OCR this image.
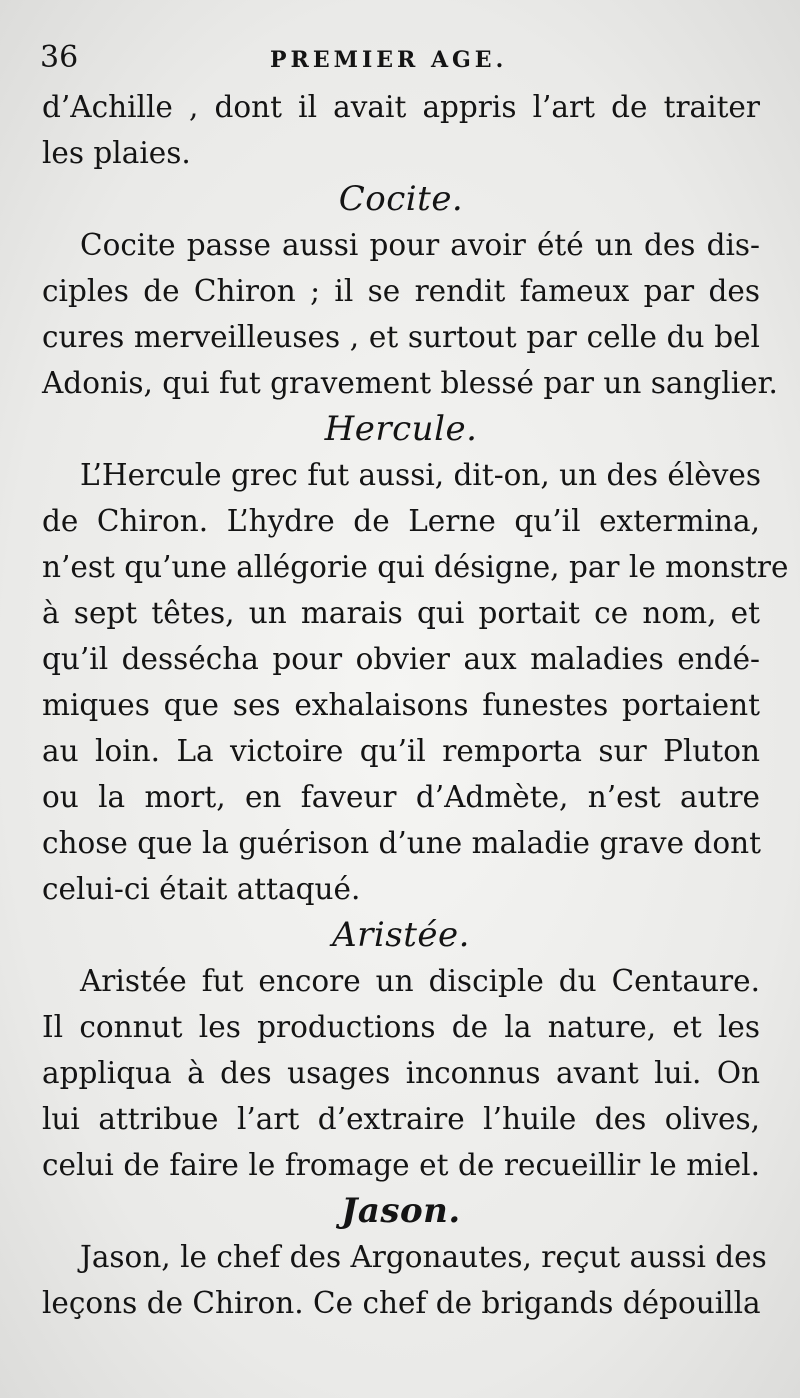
36	PREMIER AGE.
d’Achille , dont il avait appris l’art de traiter
les plaies.
Cocite.
Cocite passe aussi pour avoir été un des dis-
ciples de Chiron ; il se rendit fameux par des
cures merveilleuses , et surtout par celle du bel
Adonis, qui fut gravement blessé par un sanglier.
Hercule.
L’Hercule grec fut aussi, dit-on, un des élèves
de Chiron. L’hydre de Lerne qu’il extermina,
n’est qu’une allégorie qui désigne, par le monstre
à sept têtes, un marais qui portait ce nom, et
qu’il dessécha pour obvier aux maladies endé-
miques que ses exhalaisons funestes portaient
au loin. La victoire qu’il remporta sur Pluton
ou la mort, en faveur d’Admète, n’est autre
chose que la guérison d’une maladie grave dont
celui-ci était attaqué.
Aristée.
Aristée fut encore un disciple du Centaure.
Il connut les productions de la nature, et les
appliqua à des usages inconnus avant lui. On
lui attribue l’art d’extraire l’huile des olives,
celui de faire le fromage et de recueillir le miel.
Jason.
Jason, le chef des Argonautes, reçut aussi des
leçons de Chiron. Ce chef de brigands dépouilla
